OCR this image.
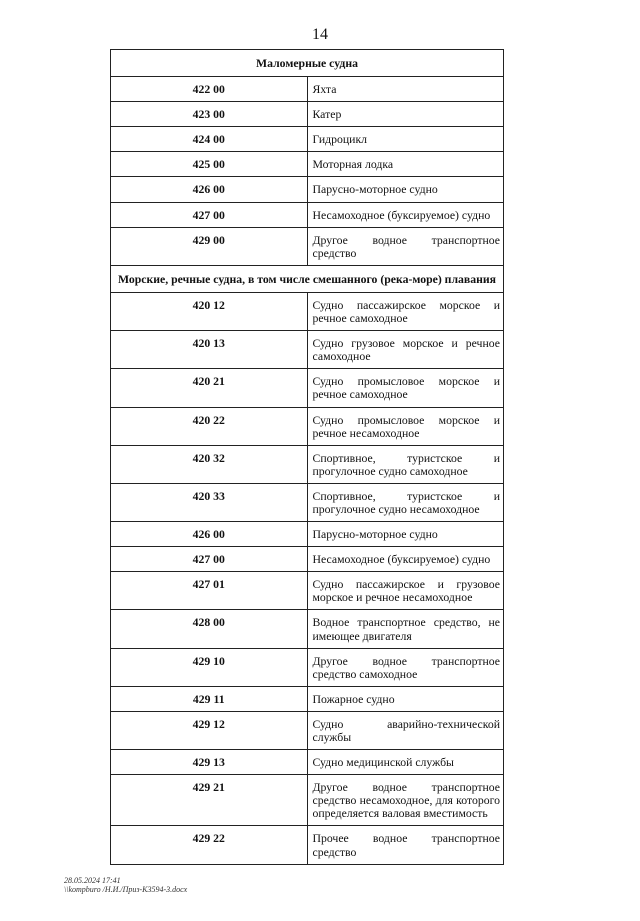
14
Маломерные судна	
422 00	Яхта
423 00	Катер
424 00	Гидроцикл
425 00	Моторная лодка
426 00	Парусно-моторное судно
427 00	Несамоходное (буксируемое) судно
429 00	Другое водное транспортное средство
Морские, речные судна, в том числе смешанного (река-море) плавания	
420 12	Судно пассажирское морское и речное самоходное
420 13	Судно грузовое морское и речное самоходное
420 21	Судно промысловое морское и речное самоходное
420 22	Судно промысловое морское и речное несамоходное
420 32	Спортивное, туристское и прогулочное судно самоходное
420 33	Спортивное, туристское и прогулочное судно несамоходное
426 00	Парусно-моторное судно
427 00	Несамоходное (буксируемое) судно
427 01	Судно пассажирское и грузовое морское и речное несамоходное
428 00	Водное транспортное средство, не имеющее двигателя
429 10	Другое водное транспортное средство самоходное
429 11	Пожарное судно
429 12	Судно аварийно-технической службы
429 13	Судно медицинской службы
429 21	Другое водное транспортное средство несамоходное, для которого определяется валовая вместимость
429 22	Прочее водное транспортное средство
28.05.2024 17:41
\\kompburo /Н.И./Приз-К3594-3.docx
